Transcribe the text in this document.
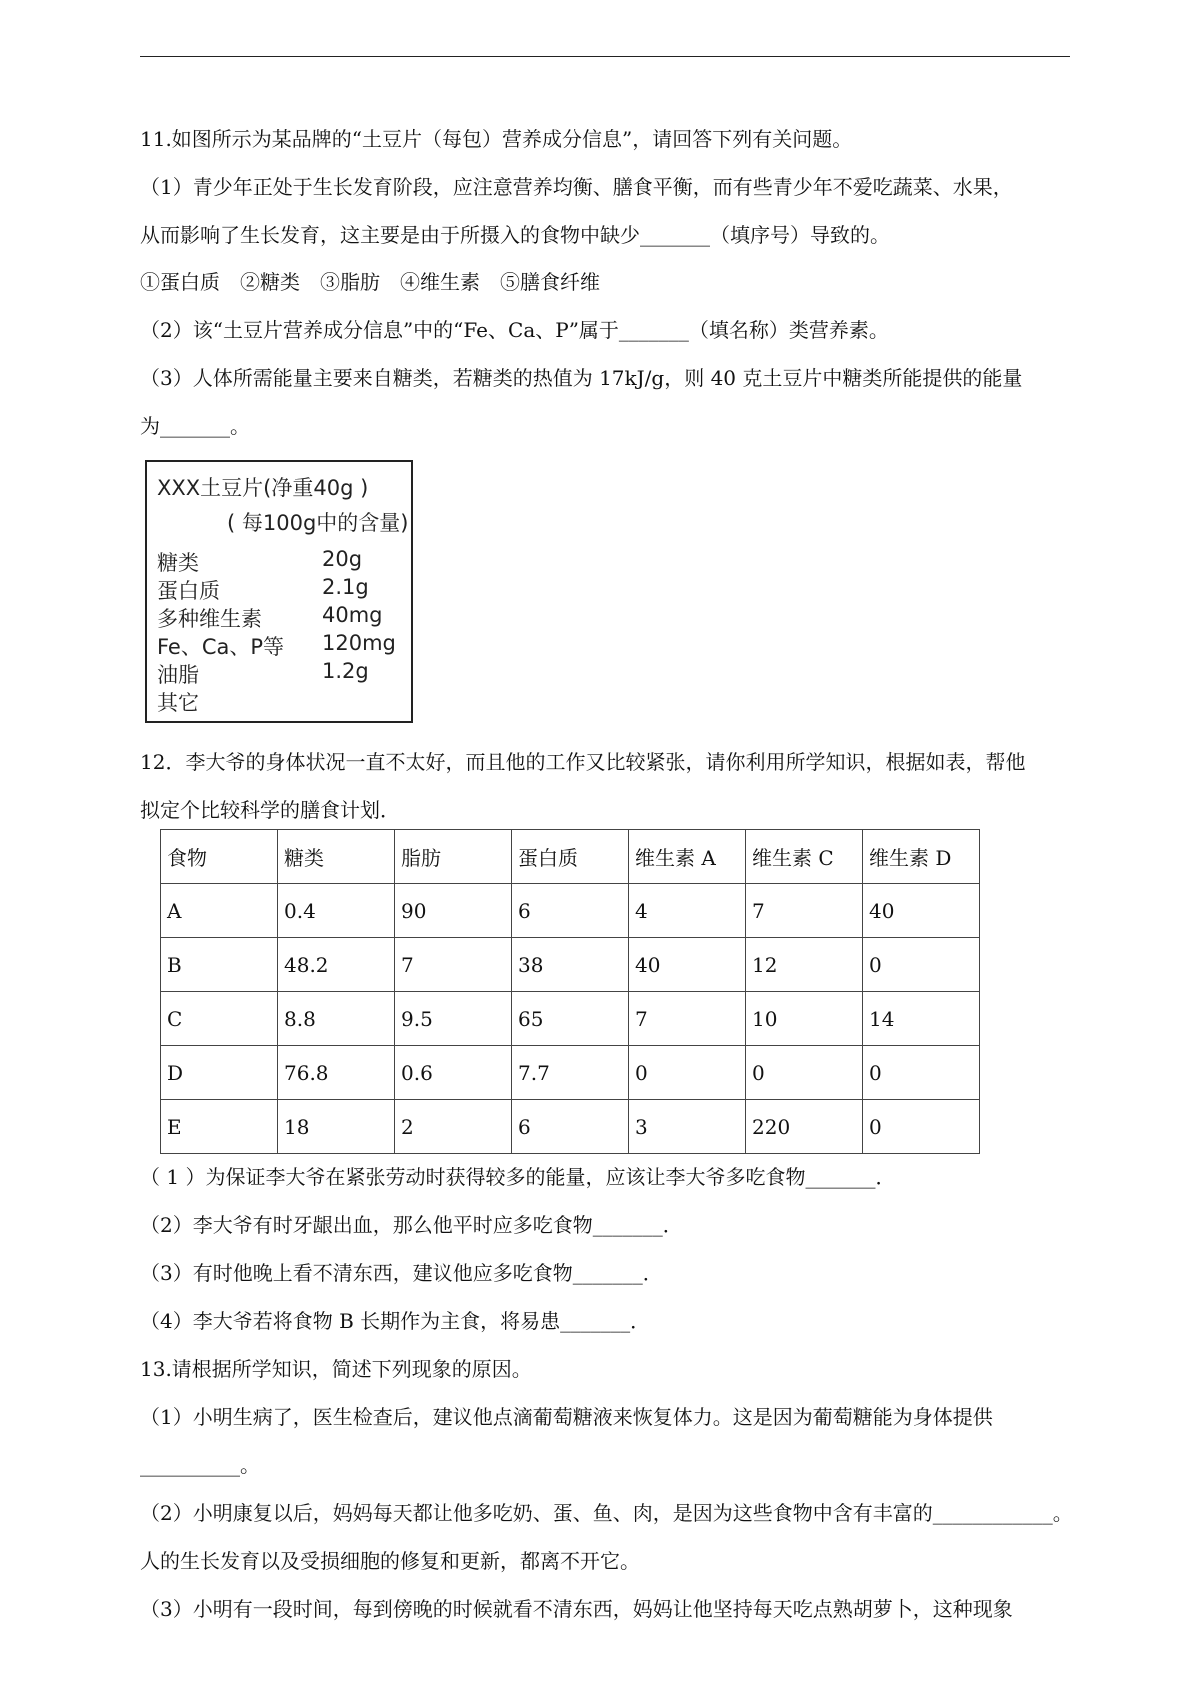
11.如图所示为某品牌的“土豆片（每包）营养成分信息”，请回答下列有关问题。
（1）青少年正处于生长发育阶段，应注意营养均衡、膳食平衡，而有些青少年不爱吃蔬菜、水果，
从而影响了生长发育，这主要是由于所摄入的食物中缺少_______（填序号）导致的。
①蛋白质　②糖类　③脂肪　④维生素　⑤膳食纤维
（2）该“土豆片营养成分信息”中的“Fe、Ca、P”属于_______（填名称）类营养素。
（3）人体所需能量主要来自糖类，若糖类的热值为 17kJ/g，则 40 克土豆片中糖类所能提供的能量
为_______。
XXX土豆片(净重40g )
( 每100g中的含量)
糖类	20g
蛋白质	2.1g
多种维生素	40mg
Fe、Ca、P等 120mg
油脂	1.2g
其它
12．李大爷的身体状况一直不太好，而且他的工作又比较紧张，请你利用所学知识，根据如表，帮他
拟定个比较科学的膳食计划．
食物	糖类	脂肪	蛋白质	维生素 A	维生素 C	维生素 D
A	0.4	90	6	4	7	40
B	48.2	7	38	40	12	0
C	8.8	9.5	65	7	10	14
D	76.8	0.6	7.7	0	0	0
E	18	2	6	3	220	0
（ 1 ）为保证李大爷在紧张劳动时获得较多的能量，应该让李大爷多吃食物_______．
（2）李大爷有时牙龈出血，那么他平时应多吃食物_______．
（3）有时他晚上看不清东西，建议他应多吃食物_______．
（4）李大爷若将食物 B 长期作为主食，将易患_______．
13.请根据所学知识，简述下列现象的原因。
（1）小明生病了，医生检查后，建议他点滴葡萄糖液来恢复体力。这是因为葡萄糖能为身体提供
__________。
（2）小明康复以后，妈妈每天都让他多吃奶、蛋、鱼、肉，是因为这些食物中含有丰富的____________。
人的生长发育以及受损细胞的修复和更新，都离不开它。
（3）小明有一段时间，每到傍晚的时候就看不清东西，妈妈让他坚持每天吃点熟胡萝卜，这种现象
